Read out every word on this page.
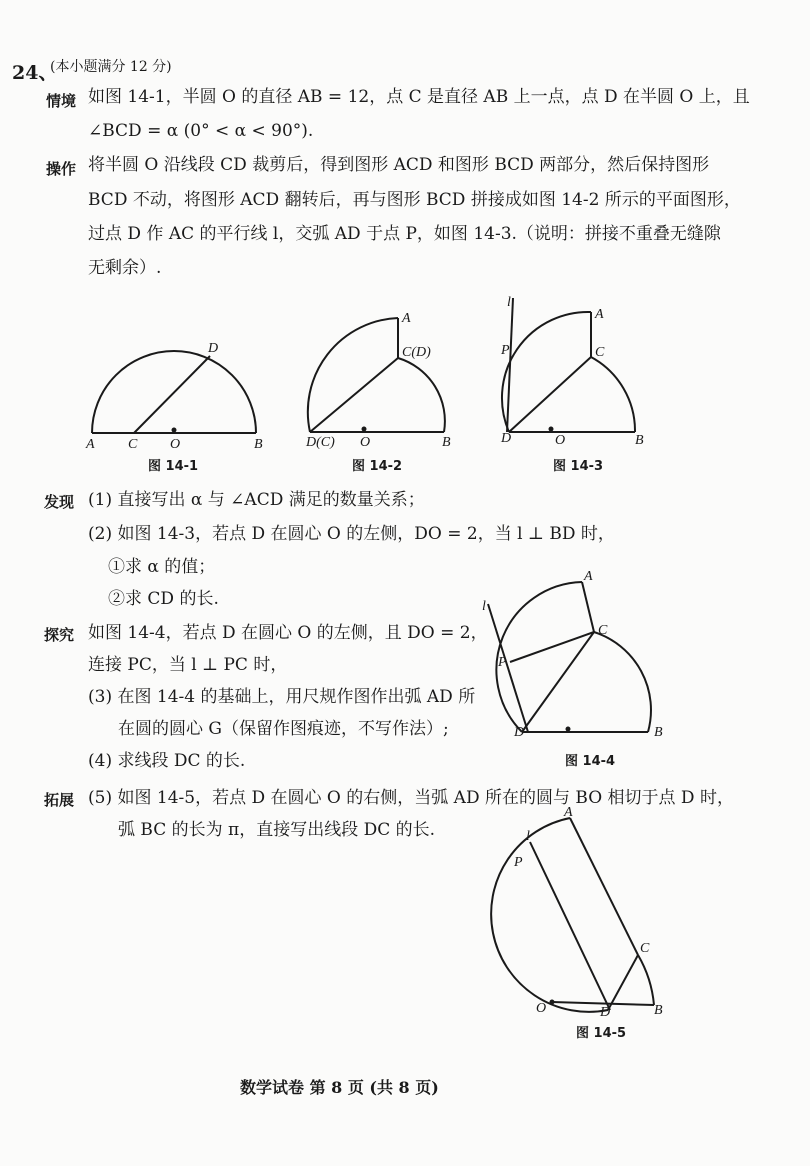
24、
(本小题满分 12 分)
情境 如图 14-1，半圆 O 的直径 AB = 12，点 C 是直径 AB 上一点，点 D 在半圆 O 上，且
∠BCD = α (0° < α < 90°).
操作 将半圆 O 沿线段 CD 裁剪后，得到图形 ACD 和图形 BCD 两部分，然后保持图形
BCD 不动，将图形 ACD 翻转后，再与图形 BCD 拼接成如图 14-2 所示的平面图形，
过点 D 作 AC 的平行线 l，交弧 AD 于点 P，如图 14-3.（说明：拼接不重叠无缝隙
无剩余）.
A C O	B
D
图 14-1
A
C(D)
D(C) O	B
图 14-2
l
A
P	C
D	O	B
图 14-3
发现 (1) 直接写出 α 与 ∠ACD 满足的数量关系；
(2) 如图 14-3，若点 D 在圆心 O 的左侧，DO = 2，当 l ⊥ BD 时，
①求 α 的值；
②求 CD 的长.
探究 如图 14-4，若点 D 在圆心 O 的左侧，且 DO = 2，
连接 PC，当 l ⊥ PC 时，
(3) 在图 14-4 的基础上，用尺规作图作出弧 AD 所
在圆的圆心 G（保留作图痕迹，不写作法）;
(4) 求线段 DC 的长.
l
A
P
C
D	B
图 14-4
拓展 (5) 如图 14-5，若点 D 在圆心 O 的右侧，当弧 AD 所在的圆与 BO 相切于点 D 时，
弧 BC 的长为 π，直接写出线段 DC 的长.	l
A
P
C
O	D	B
图 14-5
数学试卷 第 8 页 (共 8 页)
